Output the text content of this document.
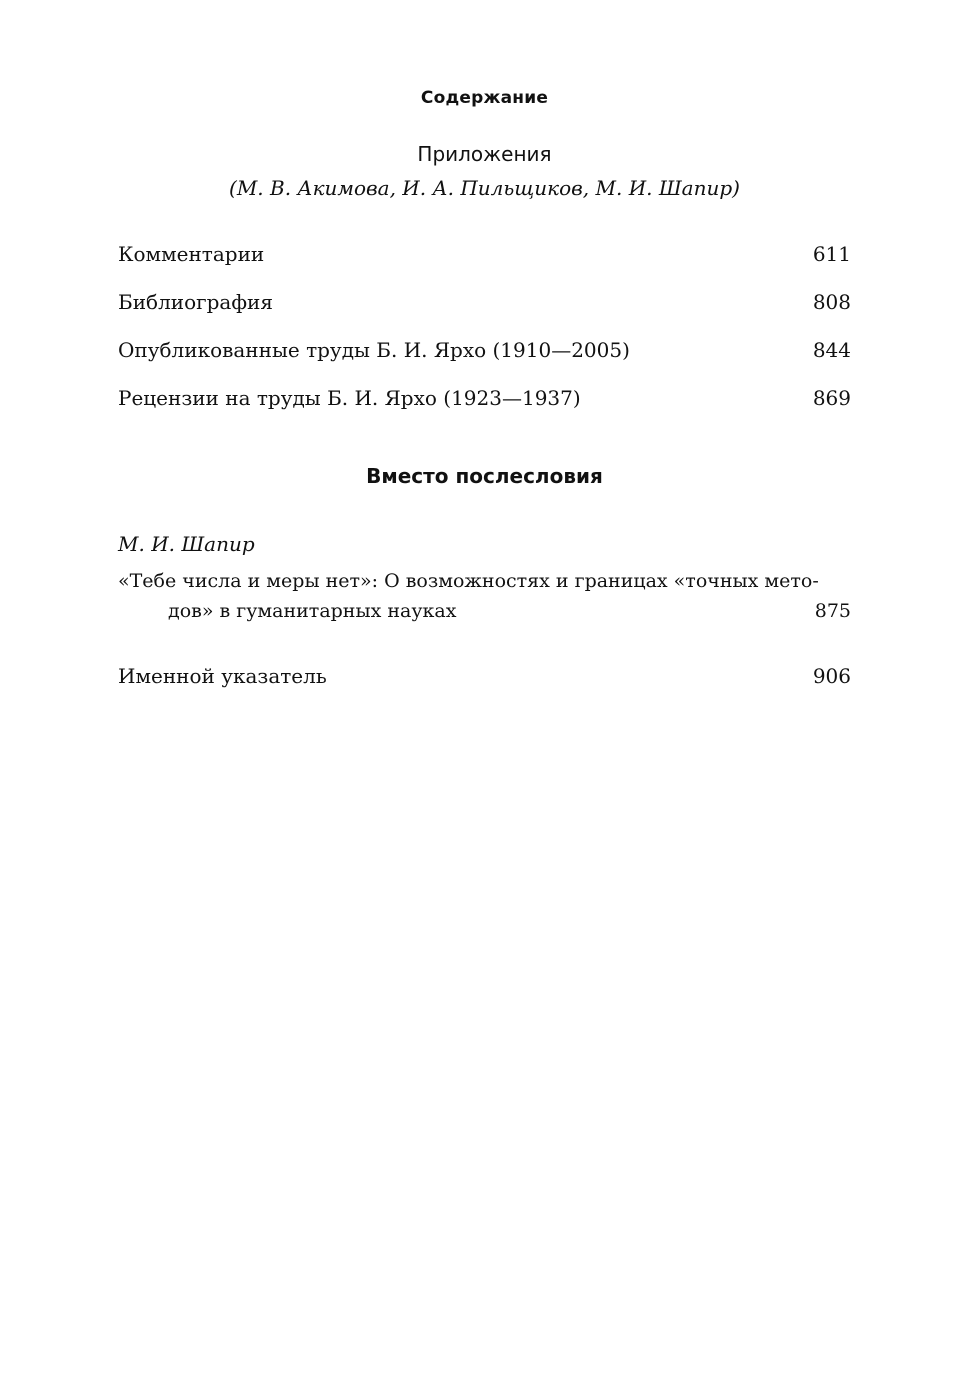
Содержание
Приложения
(М. В. Акимова, И. А. Пильщиков, М. И. Шапир)
Комментарии	611
Библиография	808
Опубликованные труды Б. И. Ярхо (1910—2005)	844
Рецензии на труды Б. И. Ярхо (1923—1937)	869
Вместо послесловия
М. И. Шапир
«Тебе числа и меры нет»: О возможностях и границах «точных мето-
дов» в гуманитарных науках	875
Именной указатель	906
